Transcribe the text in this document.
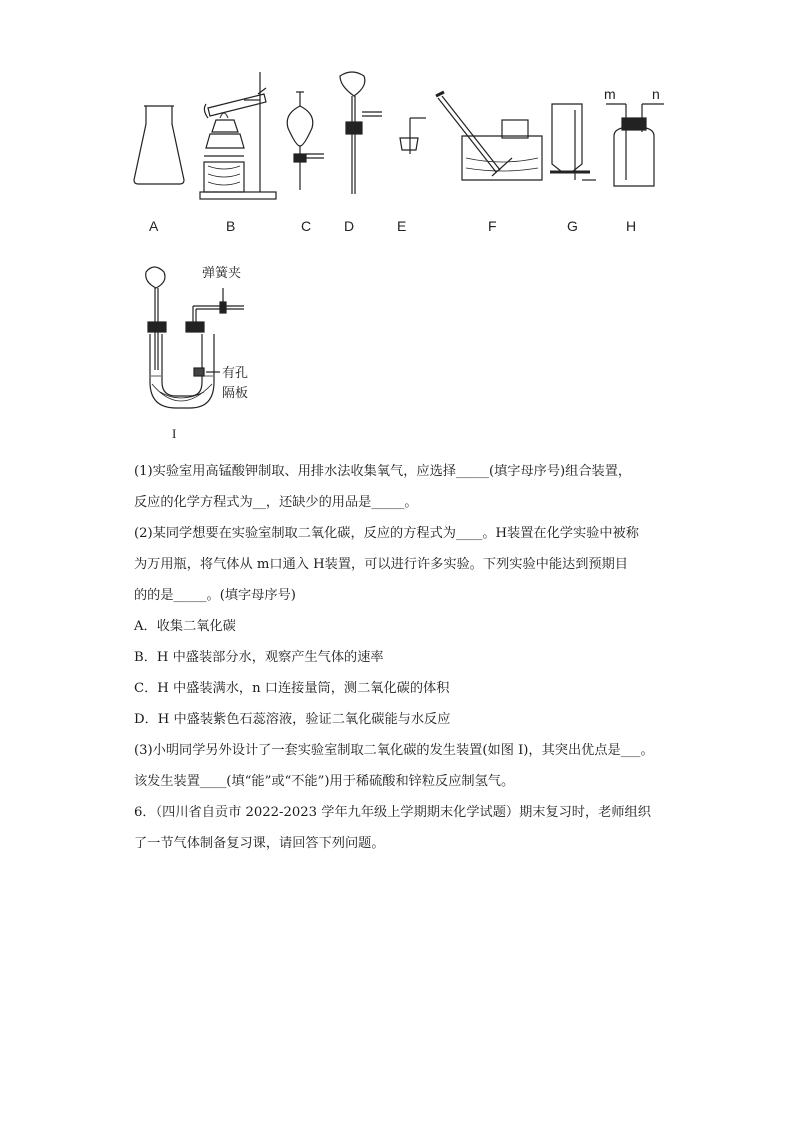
m	n
A	B	C D	E	F	G	H
弹簧夹
有孔
隔板
I
(1)实验室用高锰酸钾制取、用排水法收集氧气，应选择_____(填字母序号)组合装置，
反应的化学方程式为__，还缺少的用品是_____。
(2)某同学想要在实验室制取二氧化碳，反应的方程式为____。H装置在化学实验中被称
为万用瓶，将气体从 m口通入 H装置，可以进行许多实验。下列实验中能达到预期目
的的是_____。(填字母序号)
A．收集二氧化碳
B．H 中盛装部分水，观察产生气体的速率
C．H 中盛装满水，n 口连接量筒，测二氧化碳的体积
D．H 中盛装紫色石蕊溶液，验证二氧化碳能与水反应
(3)小明同学另外设计了一套实验室制取二氧化碳的发生装置(如图 I)，其突出优点是___。
该发生装置____(填“能”或“不能”)用于稀硫酸和锌粒反应制氢气。
6．（四川省自贡市 2022-2023 学年九年级上学期期末化学试题）期末复习时，老师组织
了一节气体制备复习课，请回答下列问题。
